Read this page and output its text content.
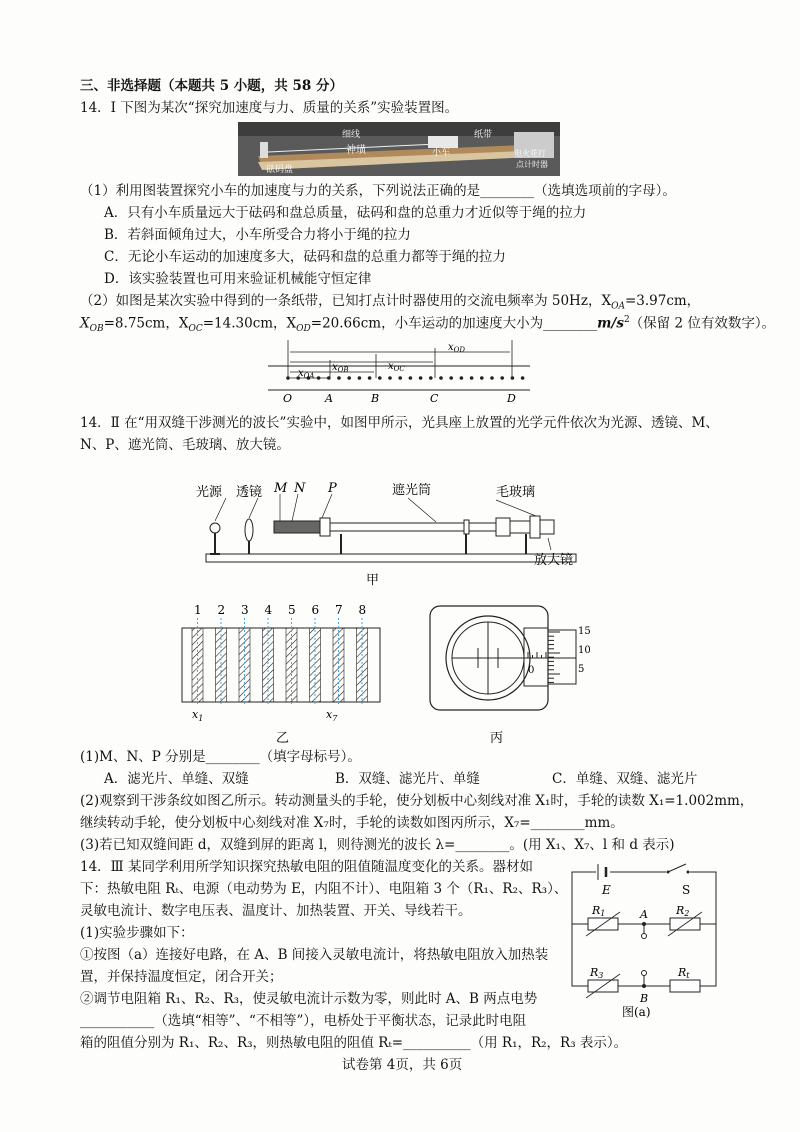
三、非选择题（本题共 5 小题，共 58 分）
14．Ⅰ 下图为某次“探究加速度与力、质量的关系”实验装置图。
细线
神璜	小车
纸带
砝码盘
电火花打
点计时器
（1）利用图装置探究小车的加速度与力的关系，下列说法正确的是________（选填选项前的字母）。
A．只有小车质量远大于砝码和盘总质量，砝码和盘的总重力才近似等于绳的拉力
B．若斜面倾角过大，小车所受合力将小于绳的拉力
C．无论小车运动的加速度多大，砝码和盘的总重力都等于绳的拉力
D．该实验装置也可用来验证机械能守恒定律
（2）如图是某次实验中得到的一条纸带，已知打点计时器使用的交流电频率为 50Hz，$X_{OA}=3.97cm$，
$X_{OB}=8.75cm$，$X_{OC}=14.30cm$，$X_{OD}=20.66cm$，小车运动的加速度大小为$\_\_\_\_\_\_\_\_m/s^2$（保留 2 位有效数字）。
$x_{OA}$
$x_{OB}$	$x_{OC}$
$x_{OD}$
O	A	B	C	D
14．Ⅱ 在“用双缝干涉测光的波长”实验中，如图甲所示，光具座上放置的光学元件依次为光源、透镜、M、
N、P、遮光筒、毛玻璃、放大镜。
光源 透镜 M N P	遮光筒	毛玻璃
放大镜
甲
1 2 3 4 5 6 7 8
$x_1$	$x_7$
乙
15
10
5
0
丙
(1)M、N、P 分别是________（填字母标号）。
A．滤光片、单缝、双缝	B．双缝、滤光片、单缝	C．单缝、双缝、滤光片
(2)观察到干涉条纹如图乙所示。转动测量头的手轮，使分划板中心刻线对准 X₁时，手轮的读数 X₁=1.002mm，
继续转动手轮，使分划板中心刻线对准 X₇时，手轮的读数如图丙所示，X₇=________mm。
(3)若已知双缝间距 d，双缝到屏的距离 l，则待测光的波长 λ=________。(用 X₁、X₇、l 和 d 表示)
14．Ⅲ 某同学利用所学知识探究热敏电阻的阻值随温度变化的关系。器材如
下：热敏电阻 Rₜ、电源（电动势为 E，内阻不计）、电阻箱 3 个（R₁、R₂、R₃）、
灵敏电流计、数字电压表、温度计、加热装置、开关、导线若干。
(1)实验步骤如下：
①按图（a）连接好电路，在 A、B 间接入灵敏电流计，将热敏电阻放入加热装
置，并保持温度恒定，闭合开关；
②调节电阻箱 R₁、R₂、R₃，使灵敏电流计示数为零，则此时 A、B 两点电势
___________（选填“相等”、“不相等”），电桥处于平衡状态，记录此时电阻
箱的阻值分别为 R₁、R₂、R₃，则热敏电阻的阻值 Rₜ=__________（用 R₁，R₂，R₃ 表示）。
E	S
R1	R2
R3	Rt
A
B
图(a)
试卷第 4页，共 6页
